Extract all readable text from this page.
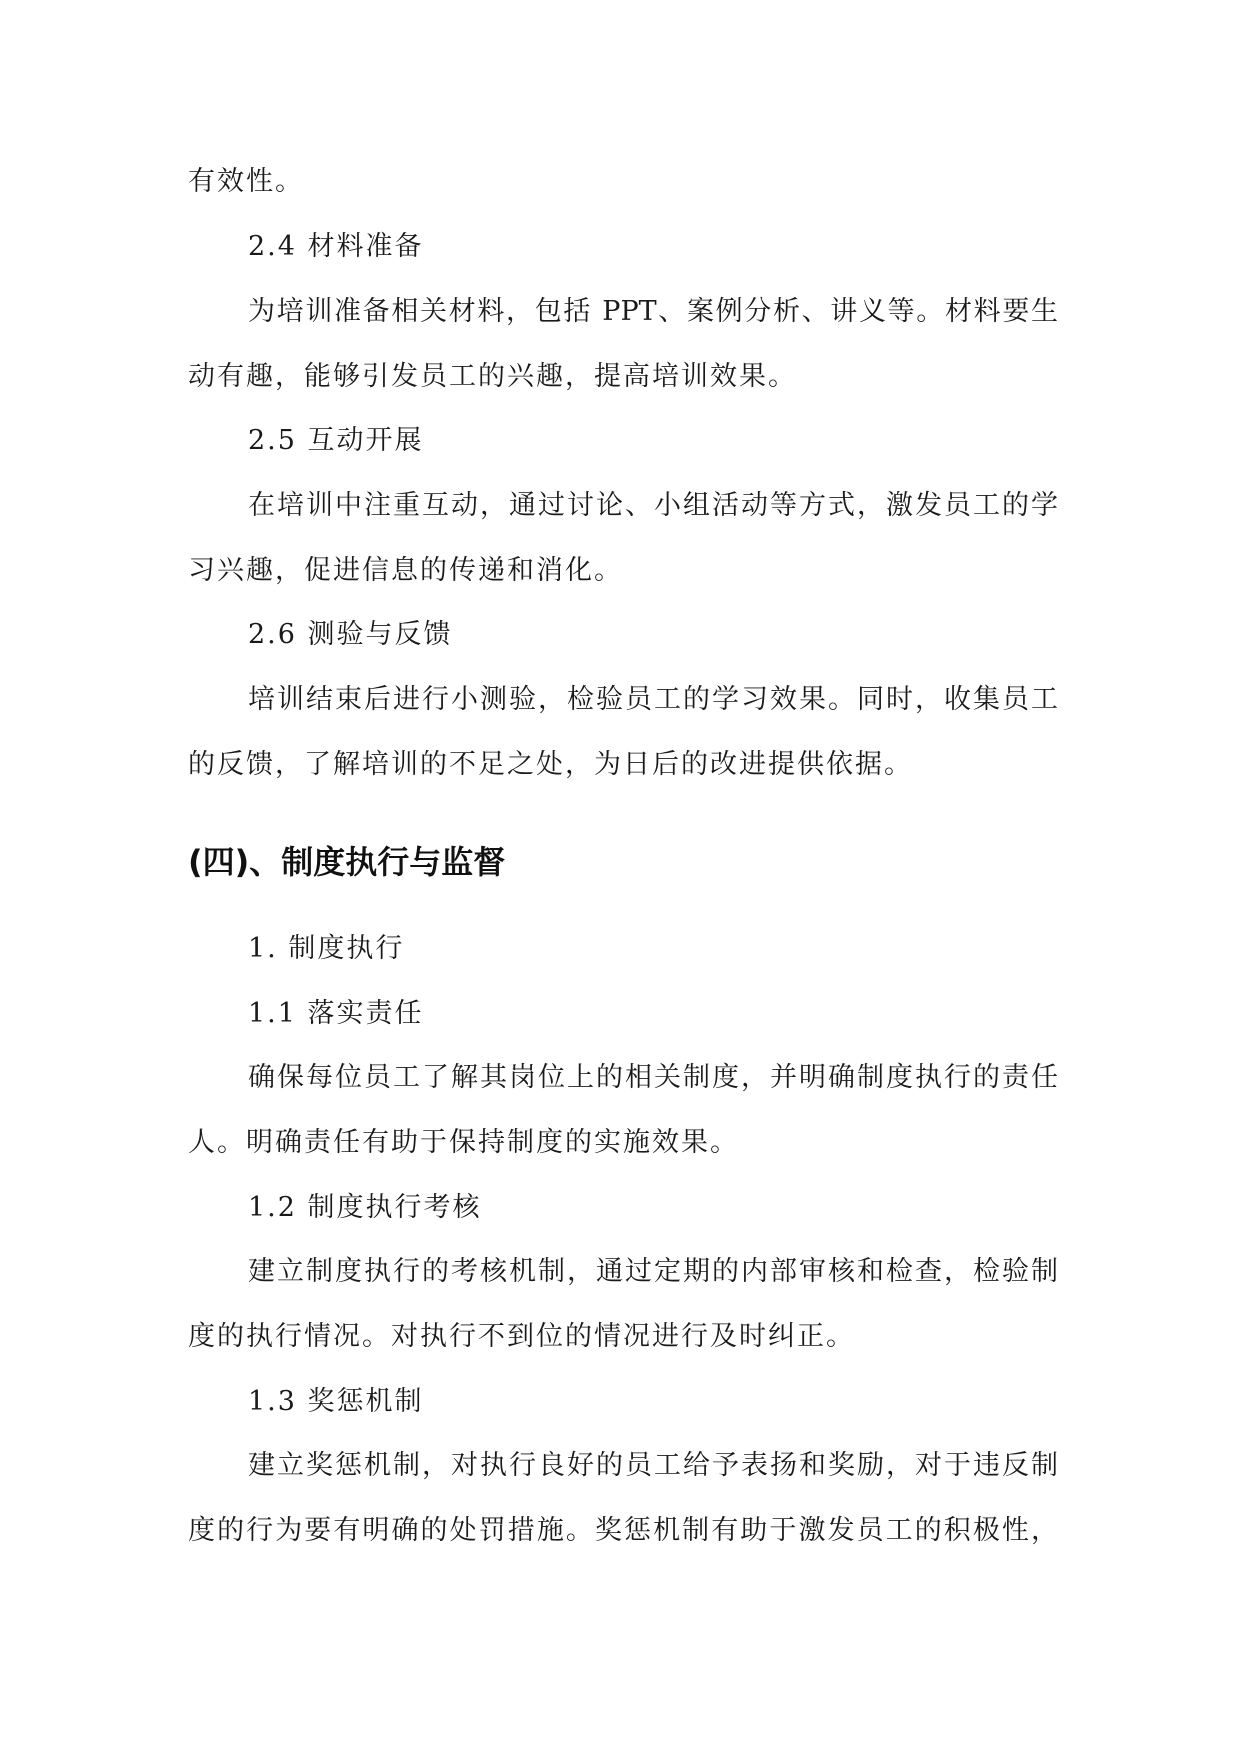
有效性。
2.4 材料准备
为培训准备相关材料，包括 PPT、案例分析、讲义等。材料要生
动有趣，能够引发员工的兴趣，提高培训效果。
2.5 互动开展
在培训中注重互动，通过讨论、小组活动等方式，激发员工的学
习兴趣，促进信息的传递和消化。
2.6 测验与反馈
培训结束后进行小测验，检验员工的学习效果。同时，收集员工
的反馈，了解培训的不足之处，为日后的改进提供依据。
(四)、制度执行与监督
1. 制度执行
1.1 落实责任
确保每位员工了解其岗位上的相关制度，并明确制度执行的责任
人。明确责任有助于保持制度的实施效果。
1.2 制度执行考核
建立制度执行的考核机制，通过定期的内部审核和检查，检验制
度的执行情况。对执行不到位的情况进行及时纠正。
1.3 奖惩机制
建立奖惩机制，对执行良好的员工给予表扬和奖励，对于违反制
度的行为要有明确的处罚措施。奖惩机制有助于激发员工的积极性，
